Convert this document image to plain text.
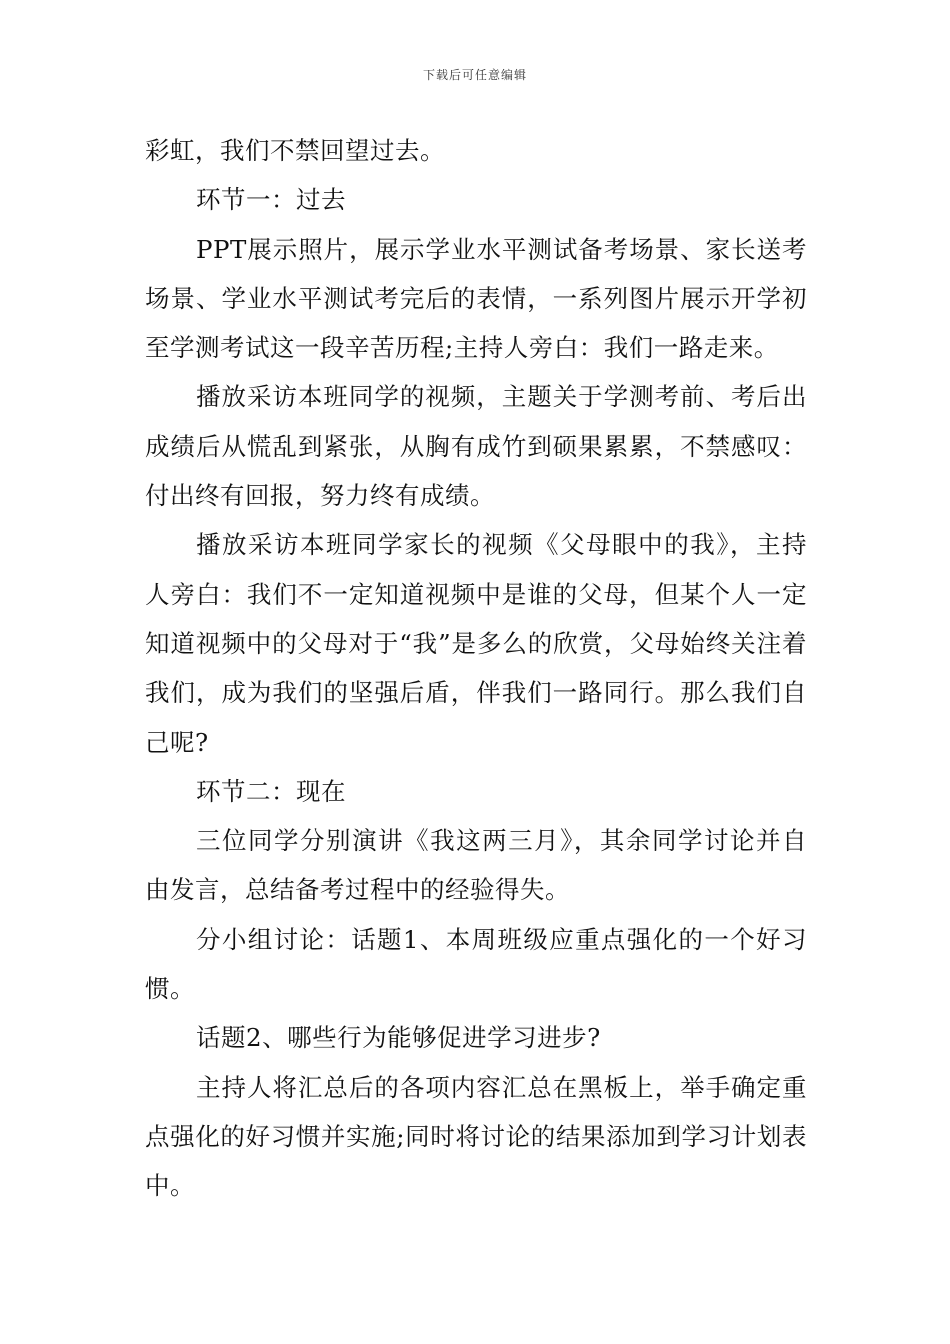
下载后可任意编辑

彩虹，我们不禁回望过去。

环节一：过去

PPT展示照片，展示学业水平测试备考场景、家长送考场景、学业水平测试考完后的表情，一系列图片展示开学初至学测考试这一段辛苦历程;主持人旁白：我们一路走来。

播放采访本班同学的视频，主题关于学测考前、考后出成绩后从慌乱到紧张，从胸有成竹到硕果累累，不禁感叹：付出终有回报，努力终有成绩。

播放采访本班同学家长的视频《父母眼中的我》，主持人旁白：我们不一定知道视频中是谁的父母，但某个人一定知道视频中的父母对于“我”是多么的欣赏，父母始终关注着我们，成为我们的坚强后盾，伴我们一路同行。那么我们自己呢?

环节二：现在

三位同学分别演讲《我这两三月》，其余同学讨论并自由发言，总结备考过程中的经验得失。

分小组讨论：话题1、本周班级应重点强化的一个好习惯。

话题2、哪些行为能够促进学习进步?

主持人将汇总后的各项内容汇总在黑板上，举手确定重点强化的好习惯并实施;同时将讨论的结果添加到学习计划表中。
